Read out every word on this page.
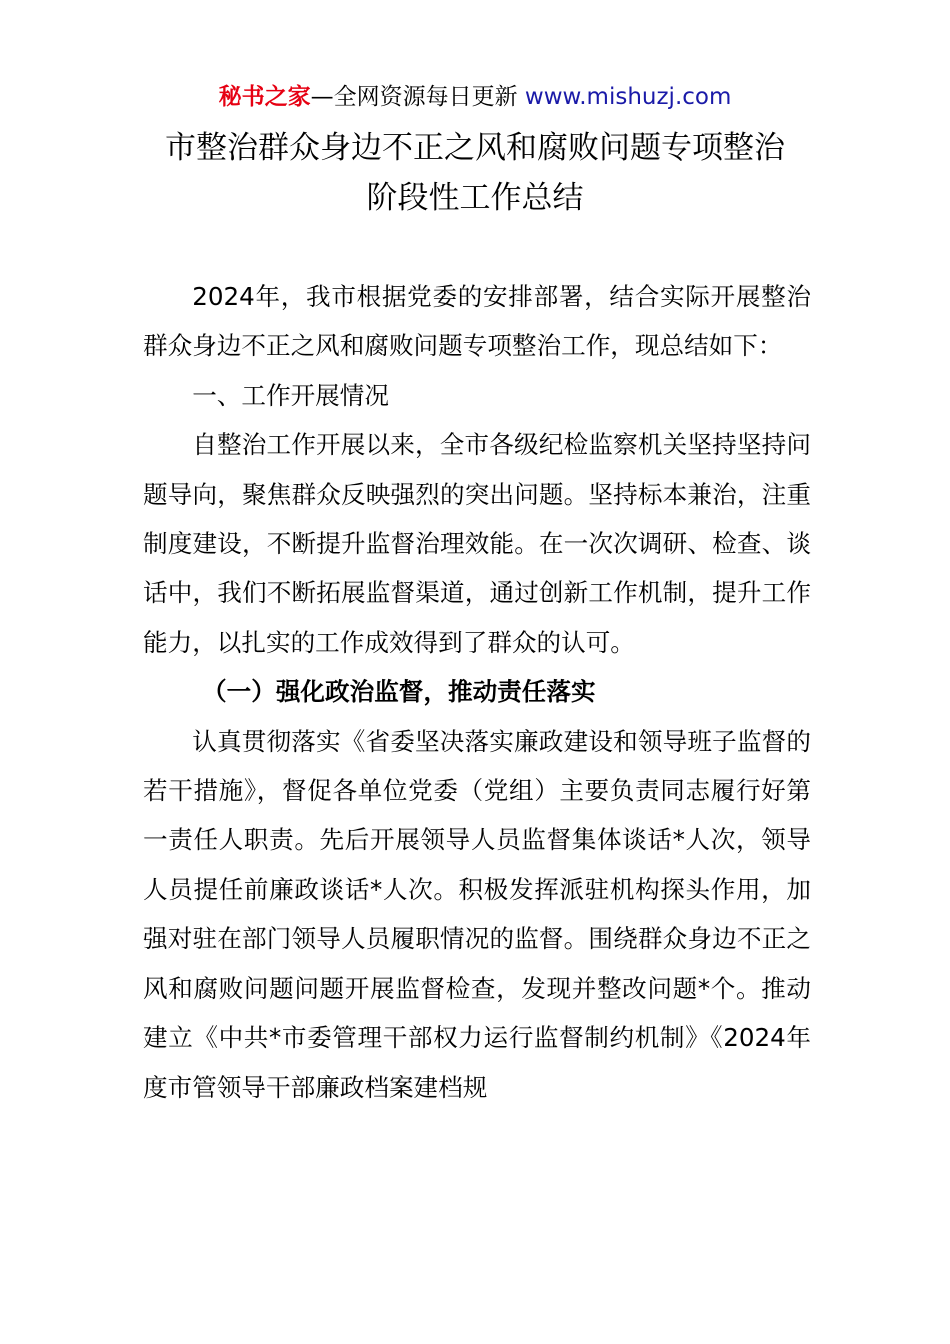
秘书之家—全网资源每日更新 www.mishuzj.com
市整治群众身边不正之风和腐败问题专项整治
阶段性工作总结

2024年，我市根据党委的安排部署，结合实际开展整治群众身边不正之风和腐败问题专项整治工作，现总结如下：

一、工作开展情况

自整治工作开展以来，全市各级纪检监察机关坚持坚持问题导向，聚焦群众反映强烈的突出问题。坚持标本兼治，注重制度建设，不断提升监督治理效能。在一次次调研、检查、谈话中，我们不断拓展监督渠道，通过创新工作机制，提升工作能力，以扎实的工作成效得到了群众的认可。

（一）强化政治监督，推动责任落实

认真贯彻落实《省委坚决落实廉政建设和领导班子监督的若干措施》，督促各单位党委（党组）主要负责同志履行好第一责任人职责。先后开展领导人员监督集体谈话*人次，领导人员提任前廉政谈话*人次。积极发挥派驻机构探头作用，加强对驻在部门领导人员履职情况的监督。围绕群众身边不正之风和腐败问题问题开展监督检查，发现并整改问题*个。推动建立《中共*市委管理干部权力运行监督制约机制》《2024年度市管领导干部廉政档案建档规
